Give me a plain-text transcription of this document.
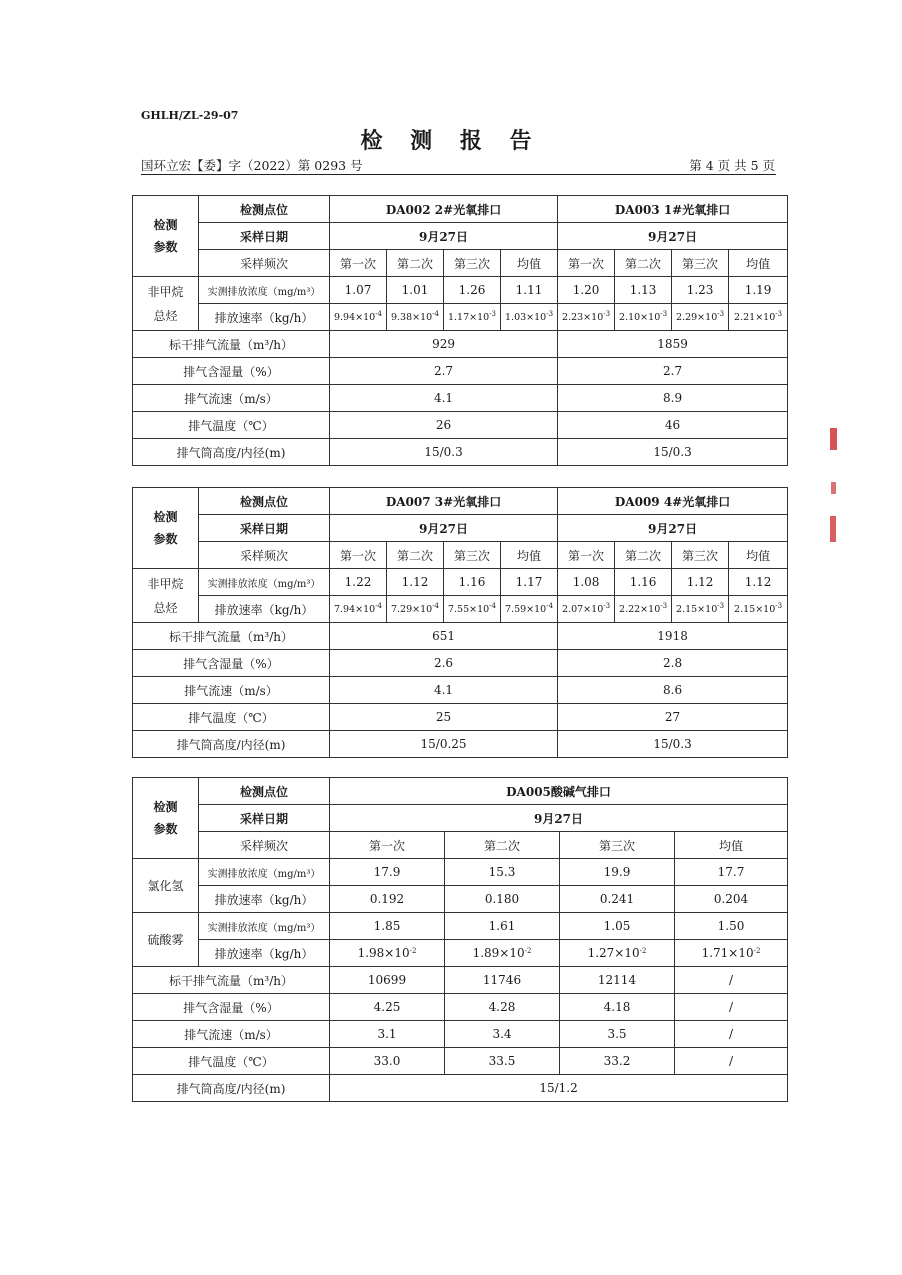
GHLH/ZL-29-07
检 测 报 告
国环立宏【委】字（2022）第 0293 号	第 4 页 共 5 页
检测
参数	检测点位	DA002 2#光氧排口				DA003 1#光氧排口			
	采样日期	9月27日				9月27日			
	采样频次	第一次	第二次	第三次	均值	第一次	第二次	第三次	均值
非甲烷
总烃	实测排放浓度（mg/m³）	1.07	1.01	1.26	1.11	1.20	1.13	1.23	1.19
	排放速率（kg/h）	$9.94\times 10^{-4}$	$9.38\times 10^{-4}$	$1.17\times 10^{-3}$	$1.03\times 10^{-3}$	$2.23\times 10^{-3}$	$2.10\times 10^{-3}$	$2.29\times 10^{-3}$	$2.21\times 10^{-3}$
标干排气流量（m³/h）		929				1859			
排气含湿量（%）		2.7				2.7			
排气流速（m/s）		4.1				8.9			
排气温度（℃）		26				46			
排气筒高度/内径(m)		15/0.3				15/0.3			
检测
参数	检测点位	DA007 3#光氧排口				DA009 4#光氧排口			
	采样日期	9月27日				9月27日			
	采样频次	第一次	第二次	第三次	均值	第一次	第二次	第三次	均值
非甲烷
总烃	实测排放浓度（mg/m³）	1.22	1.12	1.16	1.17	1.08	1.16	1.12	1.12
	排放速率（kg/h）	$7.94\times 10^{-4}$	$7.29\times 10^{-4}$	$7.55\times 10^{-4}$	$7.59\times 10^{-4}$	$2.07\times 10^{-3}$	$2.22\times 10^{-3}$	$2.15\times 10^{-3}$	$2.15\times 10^{-3}$
标干排气流量（m³/h）		651				1918			
排气含湿量（%）		2.6				2.8			
排气流速（m/s）		4.1				8.6			
排气温度（℃）		25				27			
排气筒高度/内径(m)		15/0.25				15/0.3			
检测
参数	检测点位	DA005酸碱气排口			
	采样日期	9月27日			
	采样频次	第一次	第二次	第三次	均值
氯化氢	实测排放浓度（mg/m³）	17.9	15.3	19.9	17.7
	排放速率（kg/h）	0.192	0.180	0.241	0.204
硫酸雾	实测排放浓度（mg/m³）	1.85	1.61	1.05	1.50
	排放速率（kg/h）	$1.98\times 10^{-2}$	$1.89\times 10^{-2}$	$1.27\times 10^{-2}$	$1.71\times 10^{-2}$
标干排气流量（m³/h）		10699	11746	12114	/
排气含湿量（%）		4.25	4.28	4.18	/
排气流速（m/s）		3.1	3.4	3.5	/
排气温度（℃）		33.0	33.5	33.2	/
排气筒高度/内径(m)		15/1.2			
